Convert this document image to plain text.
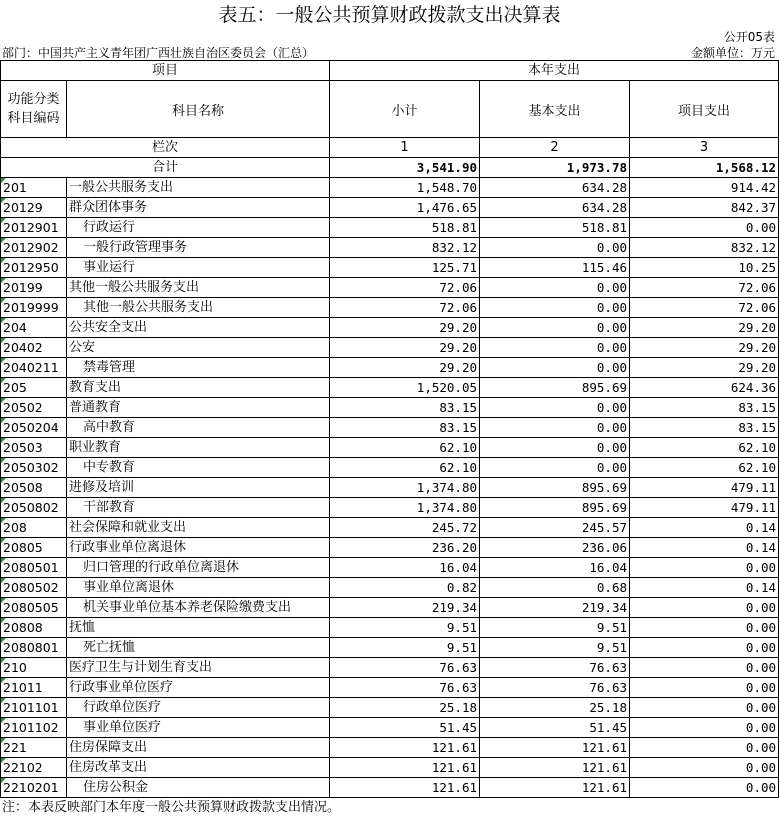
表五：一般公共预算财政拨款支出决算表
公开05表
部门：中国共产主义青年团广西壮族自治区委员会（汇总）	金额单位：万元
项目		本年支出		
功能分类科目编码	科目名称	小计	基本支出	项目支出
栏次		1	2	3
合计		3,541.90	1,973.78	1,568.12
201	一般公共服务支出	1,548.70	634.28	914.42
20129	群众团体事务	1,476.65	634.28	842.37
2012901	行政运行	518.81	518.81	0.00
2012902	一般行政管理事务	832.12	0.00	832.12
2012950	事业运行	125.71	115.46	10.25
20199	其他一般公共服务支出	72.06	0.00	72.06
2019999	其他一般公共服务支出	72.06	0.00	72.06
204	公共安全支出	29.20	0.00	29.20
20402	公安	29.20	0.00	29.20
2040211	禁毒管理	29.20	0.00	29.20
205	教育支出	1,520.05	895.69	624.36
20502	普通教育	83.15	0.00	83.15
2050204	高中教育	83.15	0.00	83.15
20503	职业教育	62.10	0.00	62.10
2050302	中专教育	62.10	0.00	62.10
20508	进修及培训	1,374.80	895.69	479.11
2050802	干部教育	1,374.80	895.69	479.11
208	社会保障和就业支出	245.72	245.57	0.14
20805	行政事业单位离退休	236.20	236.06	0.14
2080501	归口管理的行政单位离退休	16.04	16.04	0.00
2080502	事业单位离退休	0.82	0.68	0.14
2080505	机关事业单位基本养老保险缴费支出	219.34	219.34	0.00
20808	抚恤	9.51	9.51	0.00
2080801	死亡抚恤	9.51	9.51	0.00
210	医疗卫生与计划生育支出	76.63	76.63	0.00
21011	行政事业单位医疗	76.63	76.63	0.00
2101101	行政单位医疗	25.18	25.18	0.00
2101102	事业单位医疗	51.45	51.45	0.00
221	住房保障支出	121.61	121.61	0.00
22102	住房改革支出	121.61	121.61	0.00
2210201	住房公积金	121.61	121.61	0.00
注：本表反映部门本年度一般公共预算财政拨款支出情况。
